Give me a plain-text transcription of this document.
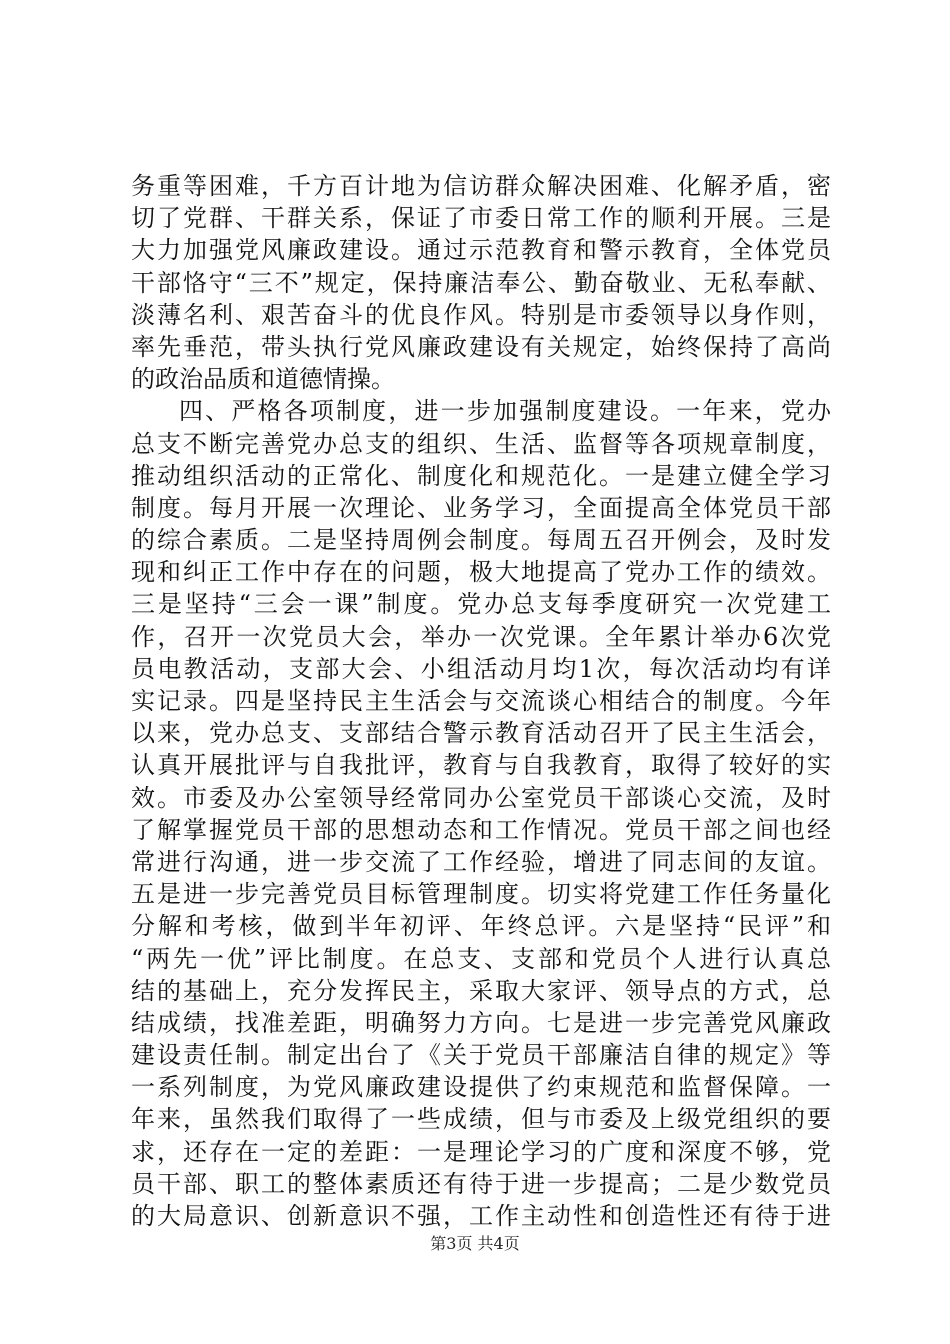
务重等困难，千方百计地为信访群众解决困难、化解矛盾，密
切了党群、干群关系，保证了市委日常工作的顺利开展。三是
大力加强党风廉政建设。通过示范教育和警示教育，全体党员
干部恪守“三不”规定，保持廉洁奉公、勤奋敬业、无私奉献、
淡薄名利、艰苦奋斗的优良作风。特别是市委领导以身作则，
率先垂范，带头执行党风廉政建设有关规定，始终保持了高尚
的政治品质和道德情操。
四、严格各项制度，进一步加强制度建设。一年来，党办
总支不断完善党办总支的组织、生活、监督等各项规章制度，
推动组织活动的正常化、制度化和规范化。一是建立健全学习
制度。每月开展一次理论、业务学习，全面提高全体党员干部
的综合素质。二是坚持周例会制度。每周五召开例会，及时发
现和纠正工作中存在的问题，极大地提高了党办工作的绩效。
三是坚持“三会一课”制度。党办总支每季度研究一次党建工
作，召开一次党员大会，举办一次党课。全年累计举办6次党
员电教活动，支部大会、小组活动月均1次，每次活动均有详
实记录。四是坚持民主生活会与交流谈心相结合的制度。今年
以来，党办总支、支部结合警示教育活动召开了民主生活会，
认真开展批评与自我批评，教育与自我教育，取得了较好的实
效。市委及办公室领导经常同办公室党员干部谈心交流，及时
了解掌握党员干部的思想动态和工作情况。党员干部之间也经
常进行沟通，进一步交流了工作经验，增进了同志间的友谊。
五是进一步完善党员目标管理制度。切实将党建工作任务量化
分解和考核，做到半年初评、年终总评。六是坚持“民评”和
“两先一优”评比制度。在总支、支部和党员个人进行认真总
结的基础上，充分发挥民主，采取大家评、领导点的方式，总
结成绩，找准差距，明确努力方向。七是进一步完善党风廉政
建设责任制。制定出台了《关于党员干部廉洁自律的规定》等
一系列制度，为党风廉政建设提供了约束规范和监督保障。一
年来，虽然我们取得了一些成绩，但与市委及上级党组织的要
求，还存在一定的差距：一是理论学习的广度和深度不够，党
员干部、职工的整体素质还有待于进一步提高；二是少数党员
的大局意识、创新意识不强，工作主动性和创造性还有待于进
第3页 共4页
